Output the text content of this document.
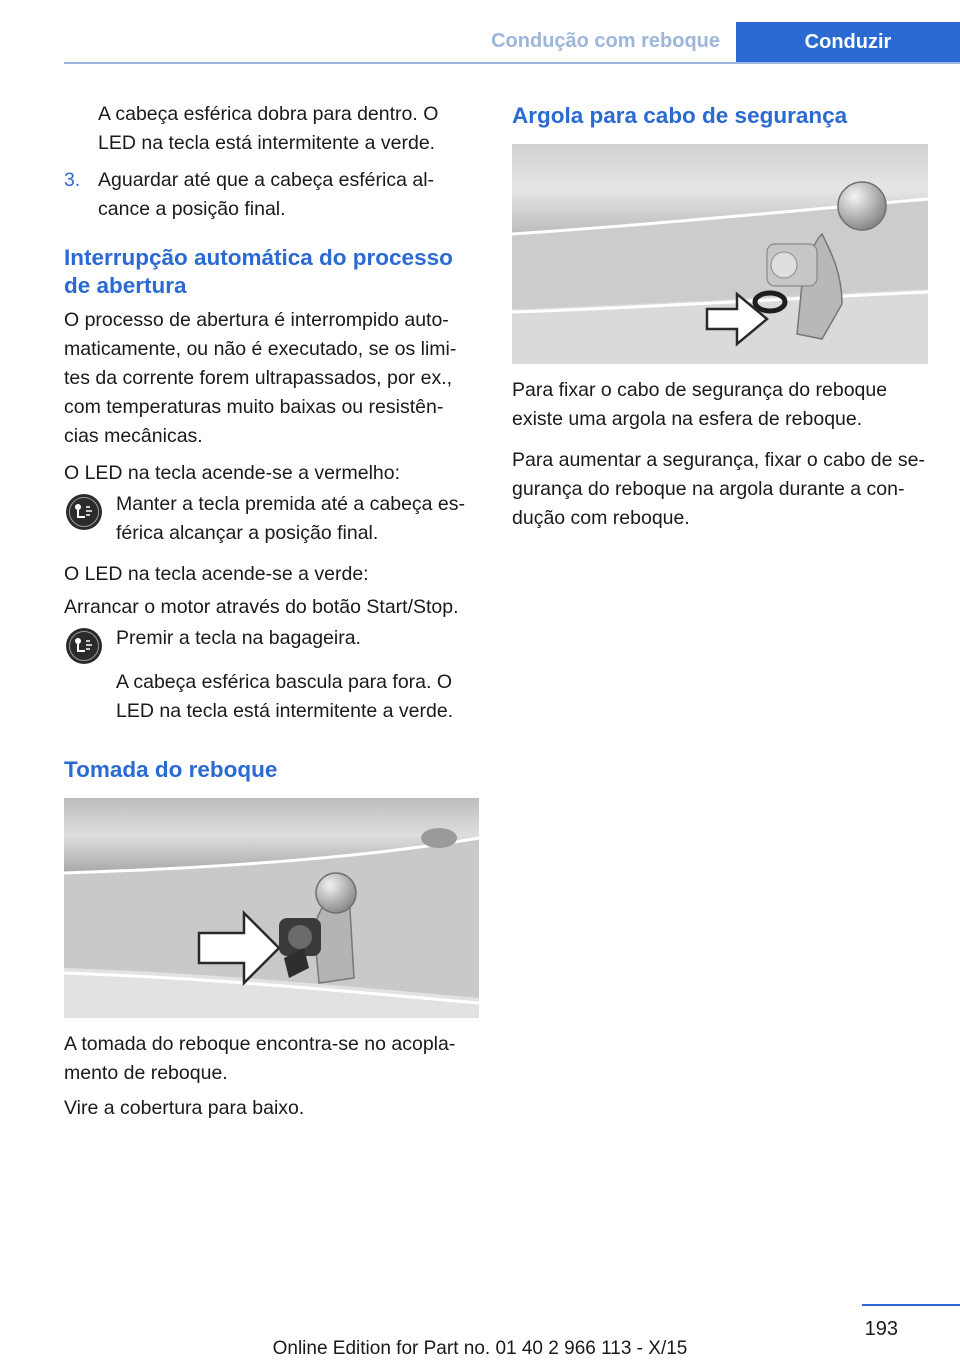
Condução com reboque	Conduzir

A cabeça esférica dobra para dentro. O LED na tecla está intermitente a verde.

3. Aguardar até que a cabeça esférica al‐ cance a posição final.

Interrupção automática do processo de abertura

O processo de abertura é interrompido auto‐ maticamente, ou não é executado, se os limi‐ tes da corrente forem ultrapassados, por ex., com temperaturas muito baixas ou resistên‐ cias mecânicas.

O LED na tecla acende-se a vermelho:

Manter a tecla premida até a cabeça es‐ férica alcançar a posição final.

O LED na tecla acende-se a verde:

Arrancar o motor através do botão Start/Stop.

Premir a tecla na bagageira.

A cabeça esférica bascula para fora. O LED na tecla está intermitente a verde.

Tomada do reboque

A tomada do reboque encontra-se no acopla‐ mento de reboque.

Vire a cobertura para baixo.

Argola para cabo de segurança

Para fixar o cabo de segurança do reboque existe uma argola na esfera de reboque.

Para aumentar a segurança, fixar o cabo de se‐ gurança do reboque na argola durante a con‐ dução com reboque.

193
Online Edition for Part no. 01 40 2 966 113 - X/15
